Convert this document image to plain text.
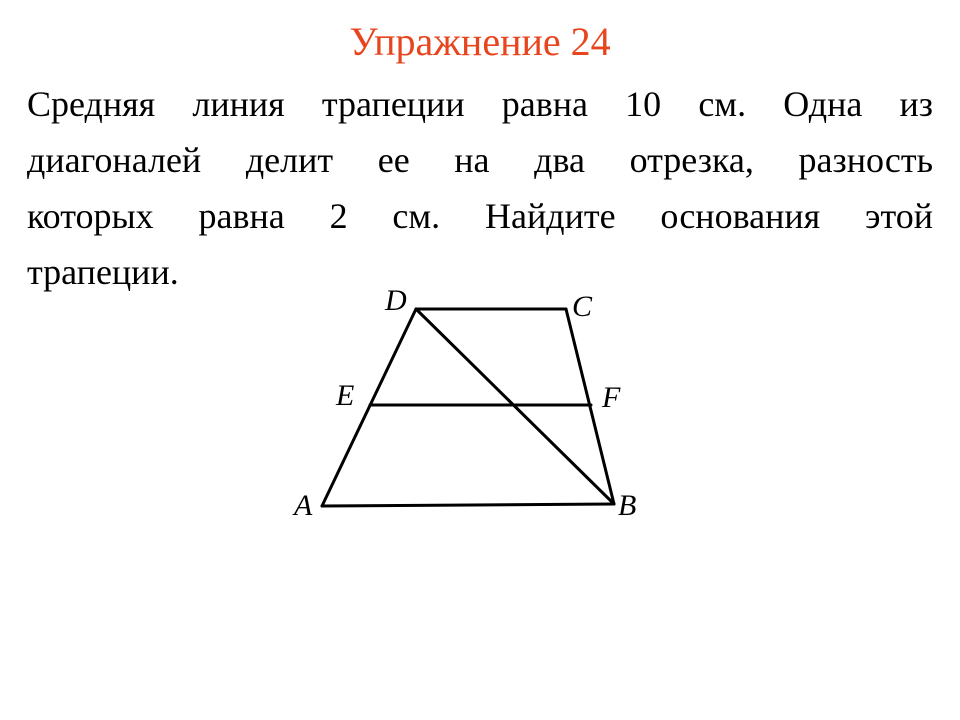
Упражнение 24
Средняя линия трапеции равна 10 см. Одна из
диагоналей делит ее на два отрезка, разность
которых равна 2 см. Найдите основания этой
трапеции.
D	C
E	F
A	B
